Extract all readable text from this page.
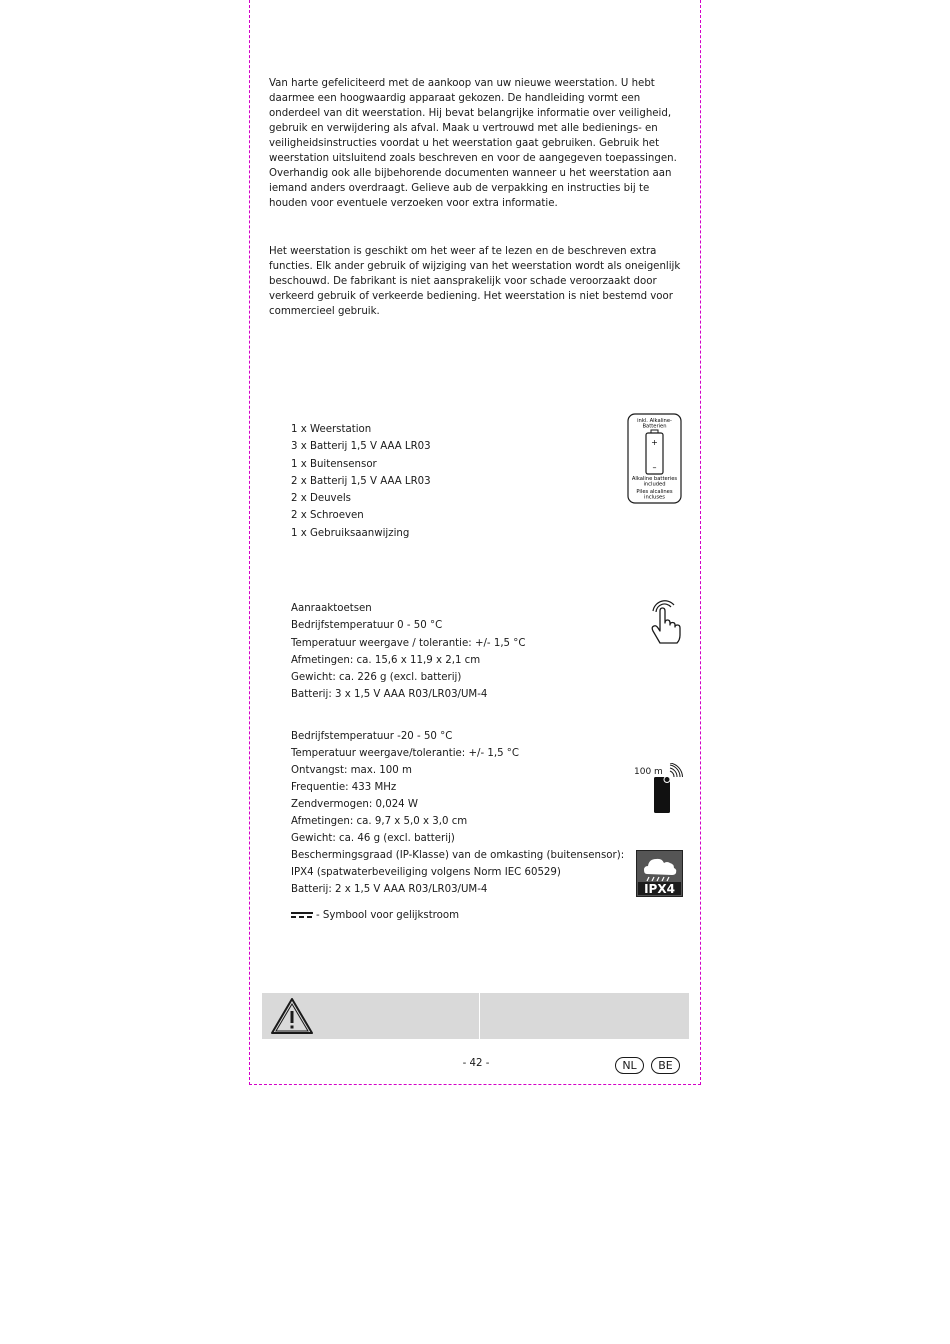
Van harte gefeliciteerd met de aankoop van uw nieuwe weerstation. U hebt daarmee een hoogwaardig apparaat gekozen. De handleiding vormt een onderdeel van dit weerstation. Hij bevat belangrijke informatie over veiligheid, gebruik en verwijdering als afval. Maak u vertrouwd met alle bedienings- en veiligheidsinstructies voordat u het weerstation gaat gebruiken. Gebruik het weerstation uitsluitend zoals beschreven en voor de aangegeven toepassingen. Overhandig ook alle bijbehorende documenten wanneer u het weerstation aan iemand anders overdraagt. Gelieve aub de verpakking en instructies bij te houden voor eventuele verzoeken voor extra informatie.

Het weerstation is geschikt om het weer af te lezen en de beschreven extra functies. Elk ander gebruik of wijziging van het weerstation wordt als oneigenlijk beschouwd. De fabrikant is niet aansprakelijk voor schade veroorzaakt door verkeerd gebruik of verkeerde bediening. Het weerstation is niet bestemd voor commercieel gebruik.

1 x Weerstation
3 x Batterij 1,5 V AAA LR03
1 x Buitensensor
2 x Batterij 1,5 V AAA LR03
2 x Deuvels
2 x Schroeven
1 x Gebruiksaanwijzing
inkl. Alkaline-
Batterien
+
–
Alkaline batteries
included
Piles alcalines
incluses
Aanraaktoetsen
Bedrijfstemperatuur 0 - 50 °C
Temperatuur weergave / tolerantie: +/- 1,5 °C
Afmetingen: ca. 15,6 x 11,9 x 2,1 cm
Gewicht: ca. 226 g (excl. batterij)
Batterij: 3 x 1,5 V AAA R03/LR03/UM-4
Bedrijfstemperatuur -20 - 50 °C
Temperatuur weergave/tolerantie: +/- 1,5 °C
Ontvangst: max. 100 m
Frequentie: 433 MHz
Zendvermogen: 0,024 W
Afmetingen: ca. 9,7 x 5,0 x 3,0 cm
Gewicht: ca. 46 g (excl. batterij)
Beschermingsgraad (IP-Klasse) van de omkasting (buitensensor):
IPX4 (spatwaterbeveiliging volgens Norm IEC 60529)
Batterij: 2 x 1,5 V AAA R03/LR03/UM-4
100 m
IPX4
- Symbool voor gelijkstroom
- 42 -	NL	BE
